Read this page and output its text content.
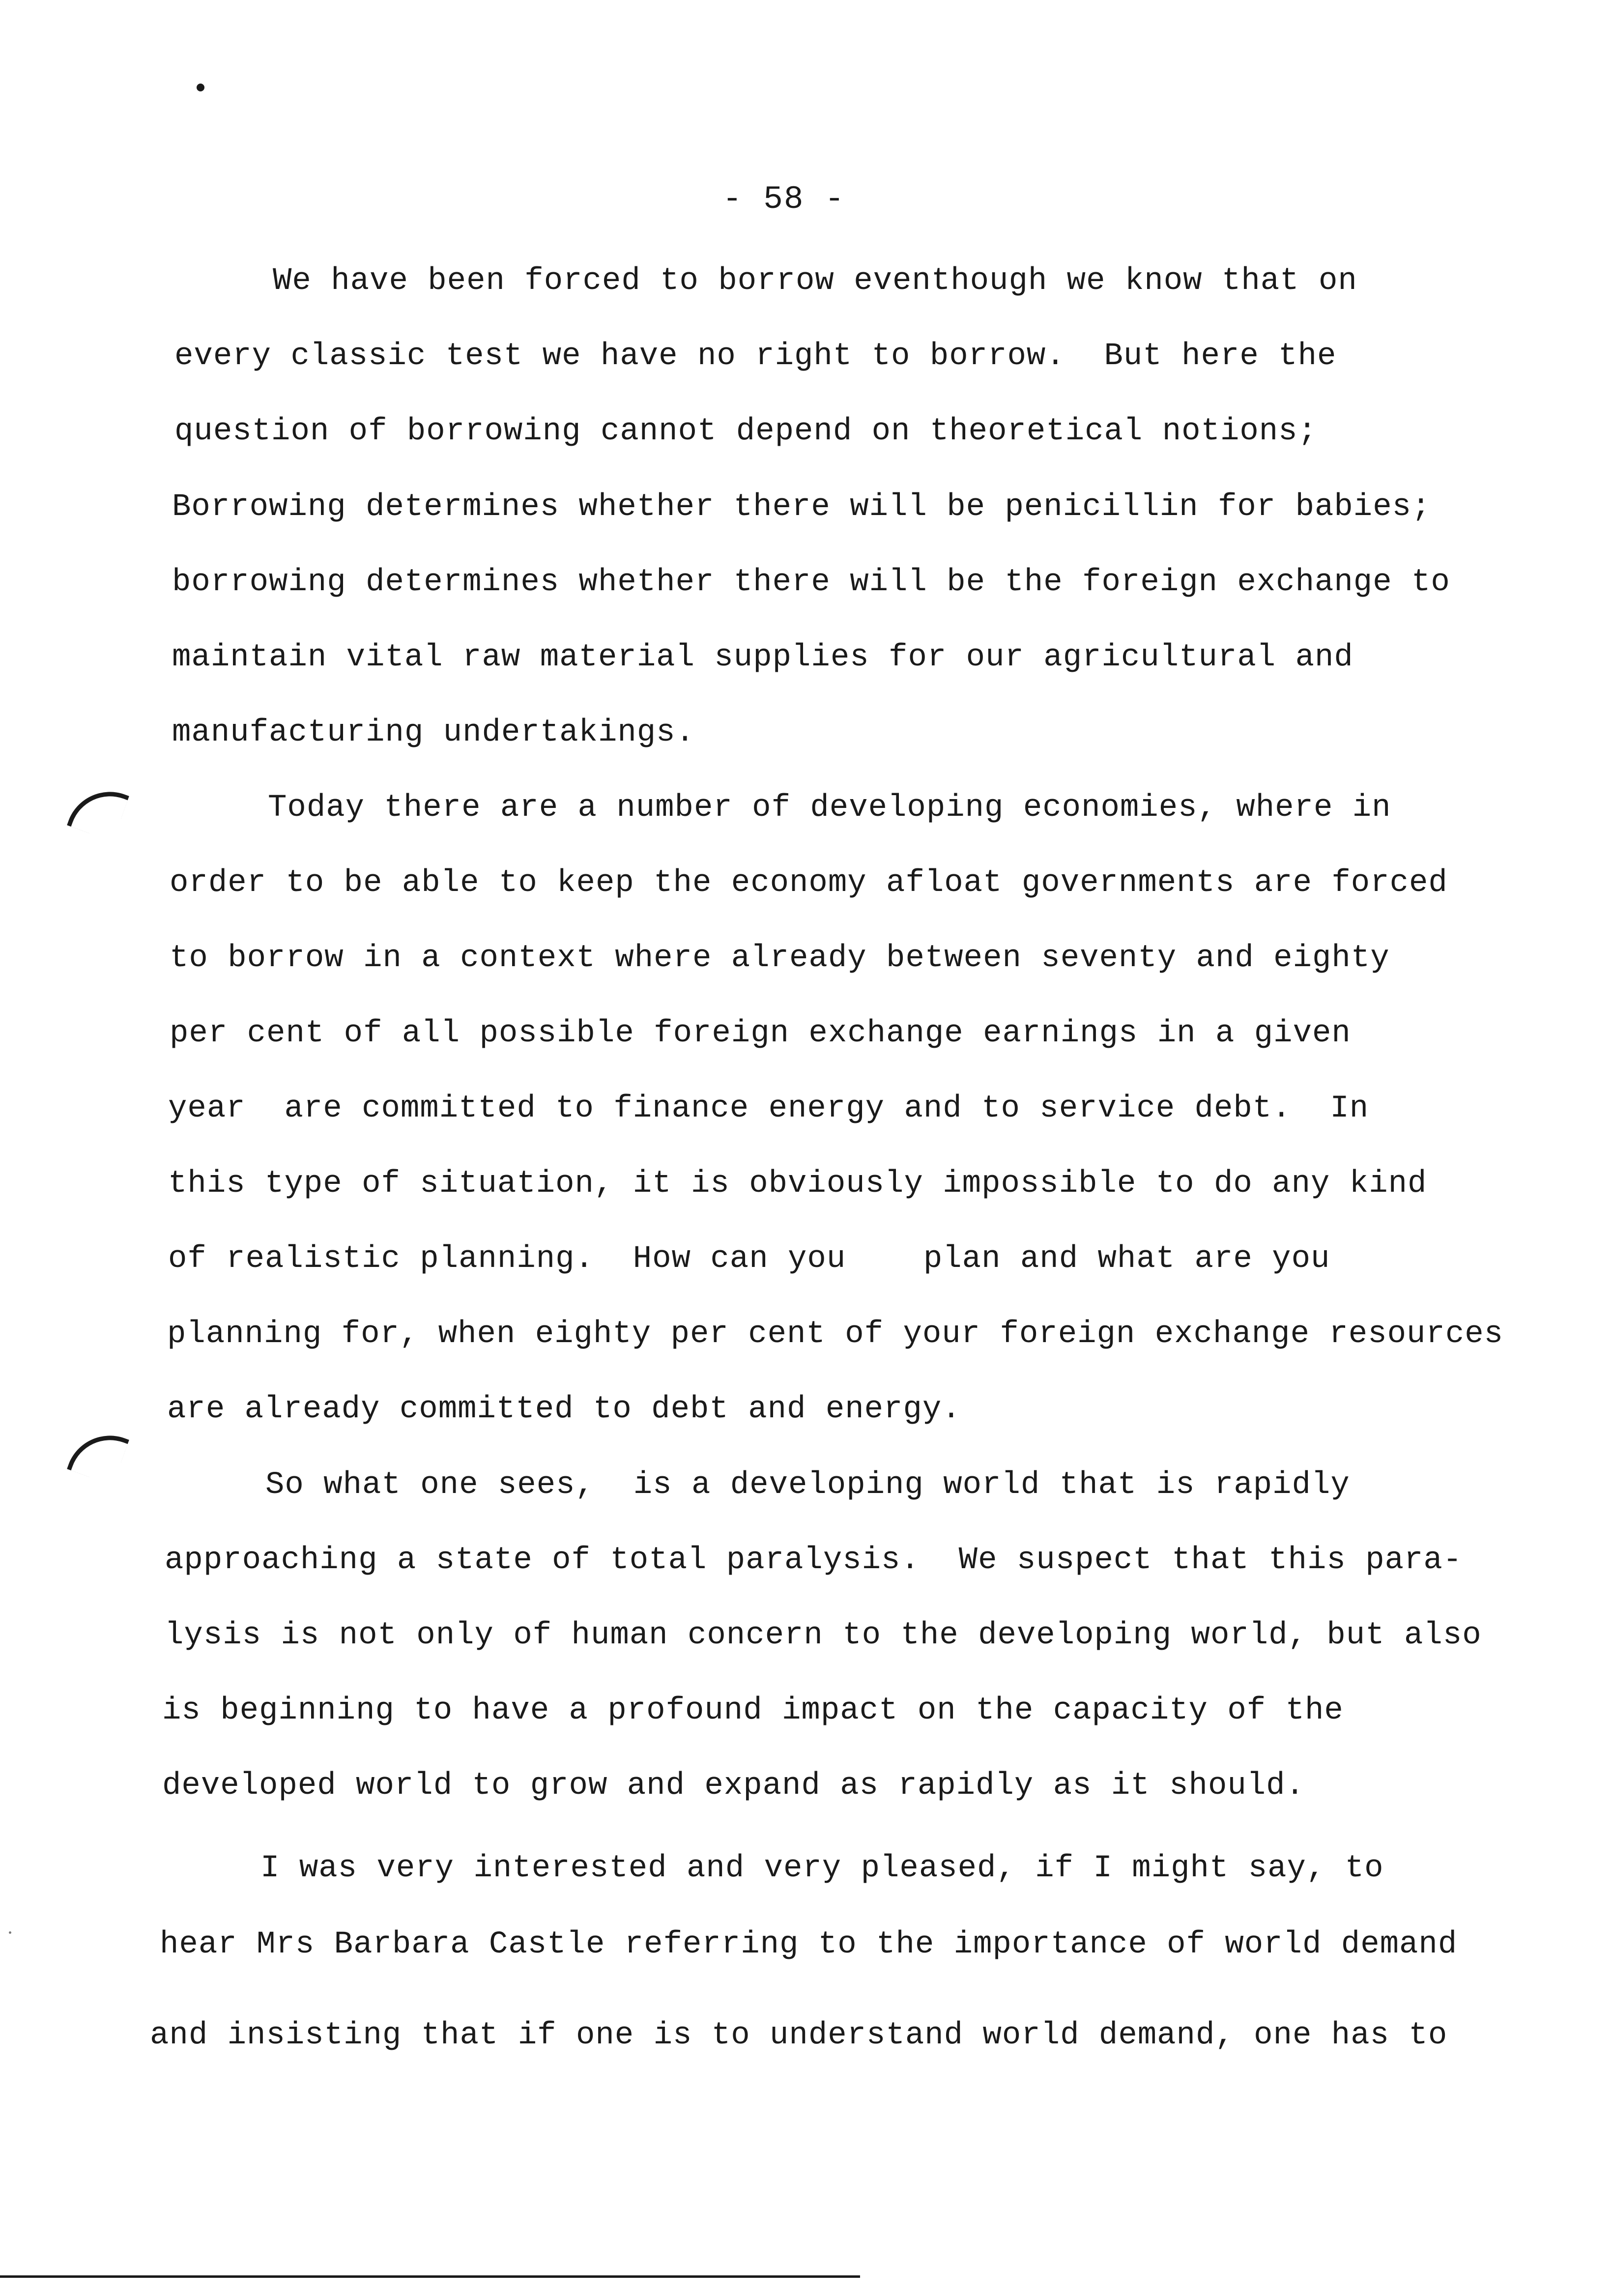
- 58 -
We have been forced to borrow eventhough we know that on
every classic test we have no right to borrow.  But here the
question of borrowing cannot depend on theoretical notions;
Borrowing determines whether there will be penicillin for babies;
borrowing determines whether there will be the foreign exchange to
maintain vital raw material supplies for our agricultural and
manufacturing undertakings.
Today there are a number of developing economies, where in
order to be able to keep the economy afloat governments are forced
to borrow in a context where already between seventy and eighty
per cent of all possible foreign exchange earnings in a given
year  are committed to finance energy and to service debt.  In
this type of situation, it is obviously impossible to do any kind
of realistic planning.  How can you    plan and what are you
planning for, when eighty per cent of your foreign exchange resources
are already committed to debt and energy.
So what one sees,  is a developing world that is rapidly
approaching a state of total paralysis.  We suspect that this para-
lysis is not only of human concern to the developing world, but also
is beginning to have a profound impact on the capacity of the
developed world to grow and expand as rapidly as it should.
I was very interested and very pleased, if I might say, to
hear Mrs Barbara Castle referring to the importance of world demand
and insisting that if one is to understand world demand, one has to
